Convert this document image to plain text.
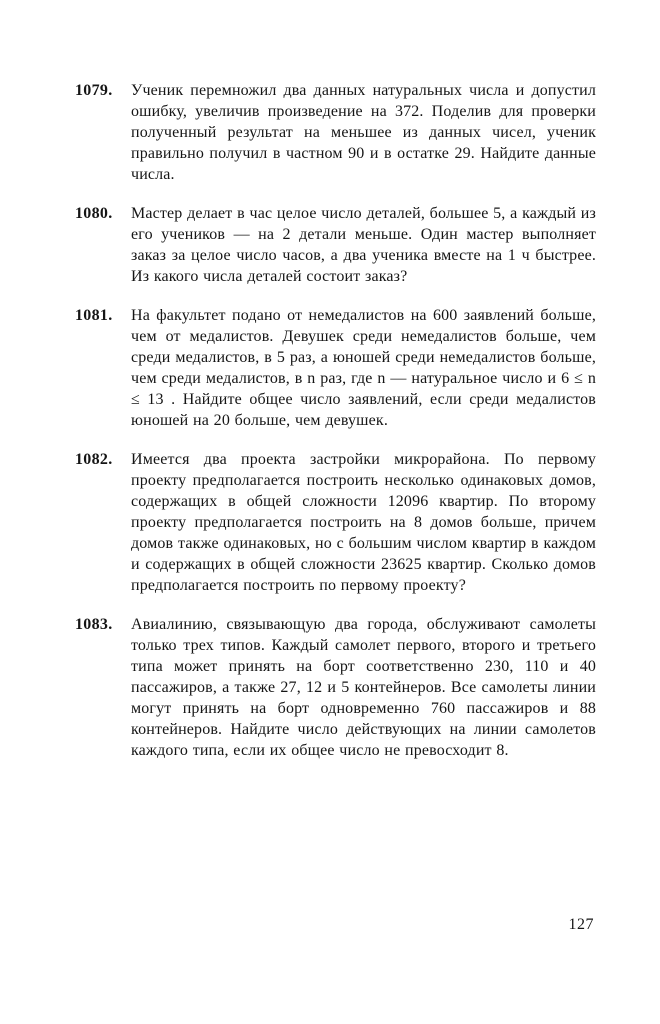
1079.	Ученик перемножил два данных натуральных числа и допустил ошибку, увеличив произведение на 372. Поделив для проверки полученный результат на меньшее из данных чисел, ученик правильно получил в частном 90 и в остатке 29. Найдите данные числа.
1080.	Мастер делает в час целое число деталей, большее 5, а каждый из его учеников — на 2 детали меньше. Один мастер выполняет заказ за целое число часов, а два ученика вместе на 1 ч быстрее. Из какого числа деталей состоит заказ?
1081.	На факультет подано от немедалистов на 600 заявлений больше, чем от медалистов. Девушек среди немедалистов больше, чем среди медалистов, в 5 раз, а юношей среди немедалистов больше, чем среди медалистов, в n раз, где n — натуральное число и 6 ≤ n ≤ 13 . Найдите общее число заявлений, если среди медалистов юношей на 20 больше, чем девушек.
1082.	Имеется два проекта застройки микрорайона. По первому проекту предполагается построить несколько одинаковых домов, содержащих в общей сложности 12096 квартир. По второму проекту предполагается построить на 8 домов больше, причем домов также одинаковых, но с большим числом квартир в каждом и содержащих в общей сложности 23625 квартир. Сколько домов предполагается построить по первому проекту?
1083.	Авиалинию, связывающую два города, обслуживают самолеты только трех типов. Каждый самолет первого, второго и третьего типа может принять на борт соответственно 230, 110 и 40 пассажиров, а также 27, 12 и 5 контейнеров. Все самолеты линии могут принять на борт одновременно 760 пассажиров и 88 контейнеров. Найдите число действующих на линии самолетов каждого типа, если их общее число не превосходит 8.
127
